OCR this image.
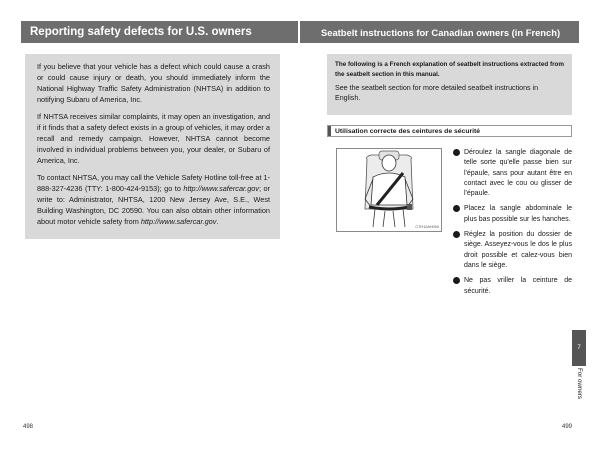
Reporting safety defects for U.S. owners

If you believe that your vehicle has a defect which could cause a crash or could cause injury or death, you should immediately inform the National Highway Traffic Safety Administration (NHTSA) in addition to notifying Subaru of America, Inc.

If NHTSA receives similar complaints, it may open an investigation, and if it finds that a safety defect exists in a group of vehicles, it may order a recall and remedy campaign. However, NHTSA cannot become involved in individual problems between you, your dealer, or Subaru of America, Inc.

To contact NHTSA, you may call the Vehicle Safety Hotline toll-free at 1-888-327-4236 (TTY: 1-800-424-9153); go to http://www.safercar.gov; or write to: Administrator, NHTSA, 1200 New Jersey Ave, S.E., West Building Washington, DC 20590. You can also obtain other information about motor vehicle safety from http://www.safercar.gov.

498
Seatbelt instructions for Canadian owners (in French)

The following is a French explanation of seatbelt instructions extracted from the seatbelt section in this manual.

See the seatbelt section for more detailed seatbelt instructions in English.

Utilisation correcte des ceintures de sécurité
CTH10AH000
Déroulez la sangle diagonale de telle sorte qu'elle passe bien sur l'épaule, sans pour autant être en contact avec le cou ou glisser de l'épaule.
Placez la sangle abdominale le plus bas possible sur les hanches.
Réglez la position du dossier de siège. Asseyez-vous le dos le plus droit possible et calez-vous bien dans le siège.
Ne pas vriller la ceinture de sécurité.
7
For owners
499
